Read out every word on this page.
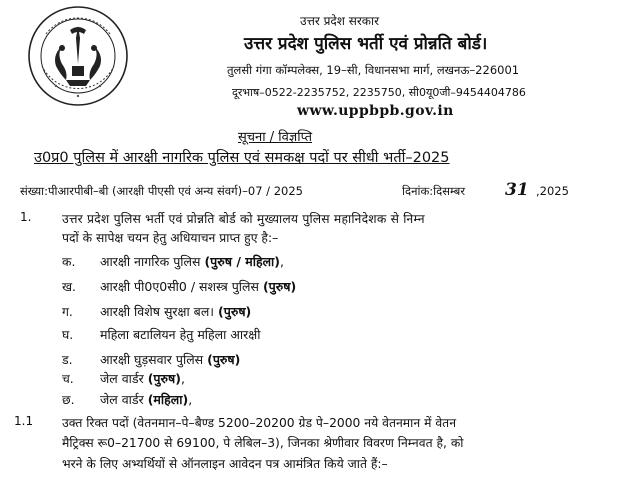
उत्तर प्रदेश सरकार
उत्तर प्रदेश पुलिस भर्ती एवं प्रोन्नति बोर्ड।
तुलसी गंगा कॉम्पलेक्स, 19–सी, विधानसभा मार्ग, लखनऊ–226001
दूरभाष–0522-2235752, 2235750, सी0यू0जी–9454404786
www.uppbpb.gov.in
सूचना / विज्ञप्ति
उ0प्र0 पुलिस में आरक्षी नागरिक पुलिस एवं समकक्ष पदों पर सीधी भर्ती–2025
संख्या:पीआरपीबी–बी (आरक्षी पीएसी एवं अन्य संवर्ग)–07 / 2025	दिनांक:दिसम्बर 31 ,2025
1. उत्तर प्रदेश पुलिस भर्ती एवं प्रोन्नति बोर्ड को मुख्यालय पुलिस महानिदेशक से निम्न
पदों के सापेक्ष चयन हेतु अधियाचन प्राप्त हुए है:–
क. आरक्षी नागरिक पुलिस (पुरुष / महिला),
ख. आरक्षी पी0ए0सी0 / सशस्त्र पुलिस (पुरुष)
ग. आरक्षी विशेष सुरक्षा बल। (पुरुष)
घ. महिला बटालियन हेतु महिला आरक्षी
ड. आरक्षी घुड़सवार पुलिस (पुरुष)
च. जेल वार्डर (पुरुष),
छ. जेल वार्डर (महिला),
1.1 उक्त रिक्त पदों (वेतनमान–पे–बैण्ड 5200–20200 ग्रेड पे–2000 नये वेतनमान में वेतन
मैट्रिक्स रू0–21700 से 69100, पे लेबिल–3), जिनका श्रेणीवार विवरण निम्नवत है, को
भरने के लिए अभ्यर्थियों से ऑनलाइन आवेदन पत्र आमंत्रित किये जाते हैं:–
